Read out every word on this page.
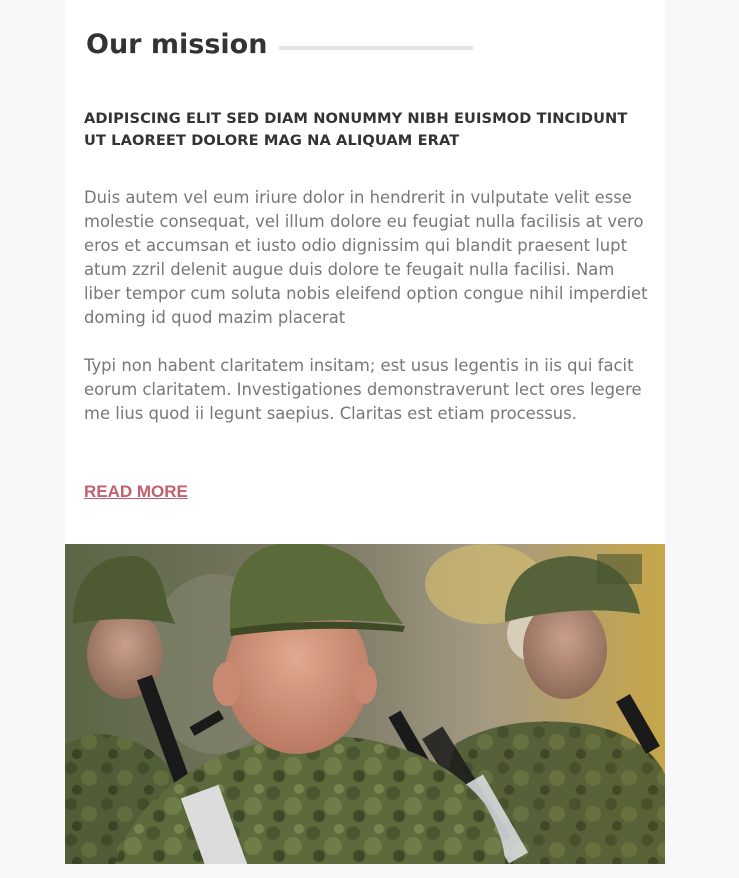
Our mission

ADIPISCING ELIT SED DIAM NONUMMY NIBH EUISMOD TINCIDUNT UT LAOREET DOLORE MAG NA ALIQUAM ERAT

Duis autem vel eum iriure dolor in hendrerit in vulputate velit esse molestie consequat, vel illum dolore eu feugiat nulla facilisis at vero eros et accumsan et iusto odio dignissim qui blandit praesent lupt atum zzril delenit augue duis dolore te feugait nulla facilisi. Nam liber tempor cum soluta nobis eleifend option congue nihil imperdiet doming id quod mazim placerat

Typi non habent claritatem insitam; est usus legentis in iis qui facit eorum claritatem. Investigationes demonstraverunt lect ores legere me lius quod ii legunt saepius. Claritas est etiam processus.

READ MORE
